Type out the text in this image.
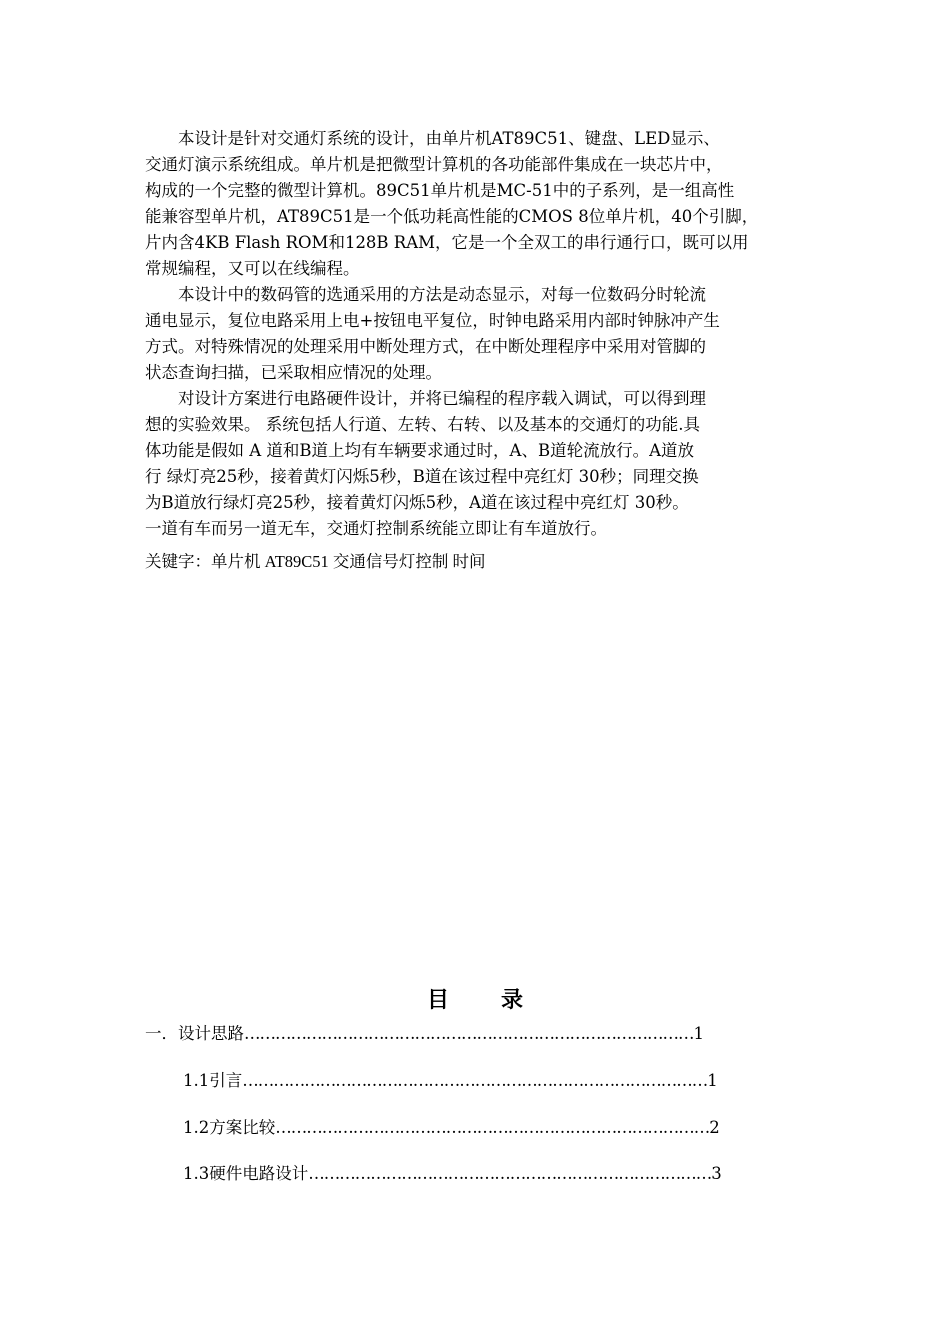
　　本设计是针对交通灯系统的设计，由单片机AT89C51、键盘、LED显示、
交通灯演示系统组成。单片机是把微型计算机的各功能部件集成在一块芯片中，
构成的一个完整的微型计算机。89C51单片机是MC-51中的子系列，是一组高性
能兼容型单片机，AT89C51是一个低功耗高性能的CMOS 8位单片机，40个引脚，
片内含4KB Flash ROM和128B RAM，它是一个全双工的串行通行口，既可以用
常规编程，又可以在线编程。
　　本设计中的数码管的选通采用的方法是动态显示，对每一位数码分时轮流
通电显示，复位电路采用上电+按钮电平复位，时钟电路采用内部时钟脉冲产生
方式。对特殊情况的处理采用中断处理方式，在中断处理程序中采用对管脚的
状态查询扫描，已采取相应情况的处理。
　　对设计方案进行电路硬件设计，并将已编程的程序载入调试，可以得到理
想的实验效果。 系统包括人行道、左转、右转、以及基本的交通灯的功能.具
体功能是假如 A 道和B道上均有车辆要求通过时，A、B道轮流放行。A道放
行 绿灯亮25秒，接着黄灯闪烁5秒，B道在该过程中亮红灯 30秒；同理交换
为B道放行绿灯亮25秒，接着黄灯闪烁5秒，A道在该过程中亮红灯 30秒。
一道有车而另一道无车，交通灯控制系统能立即让有车道放行。
关键字：单片机 AT89C51 交通信号灯控制 时间
目 录
一．设计思路……………………………………………………………………………1
1.1引言………………………………………………………………………………1
1.2方案比较…………………………………………………………………………2
1.3硬件电路设计……………………………………………………………………3
